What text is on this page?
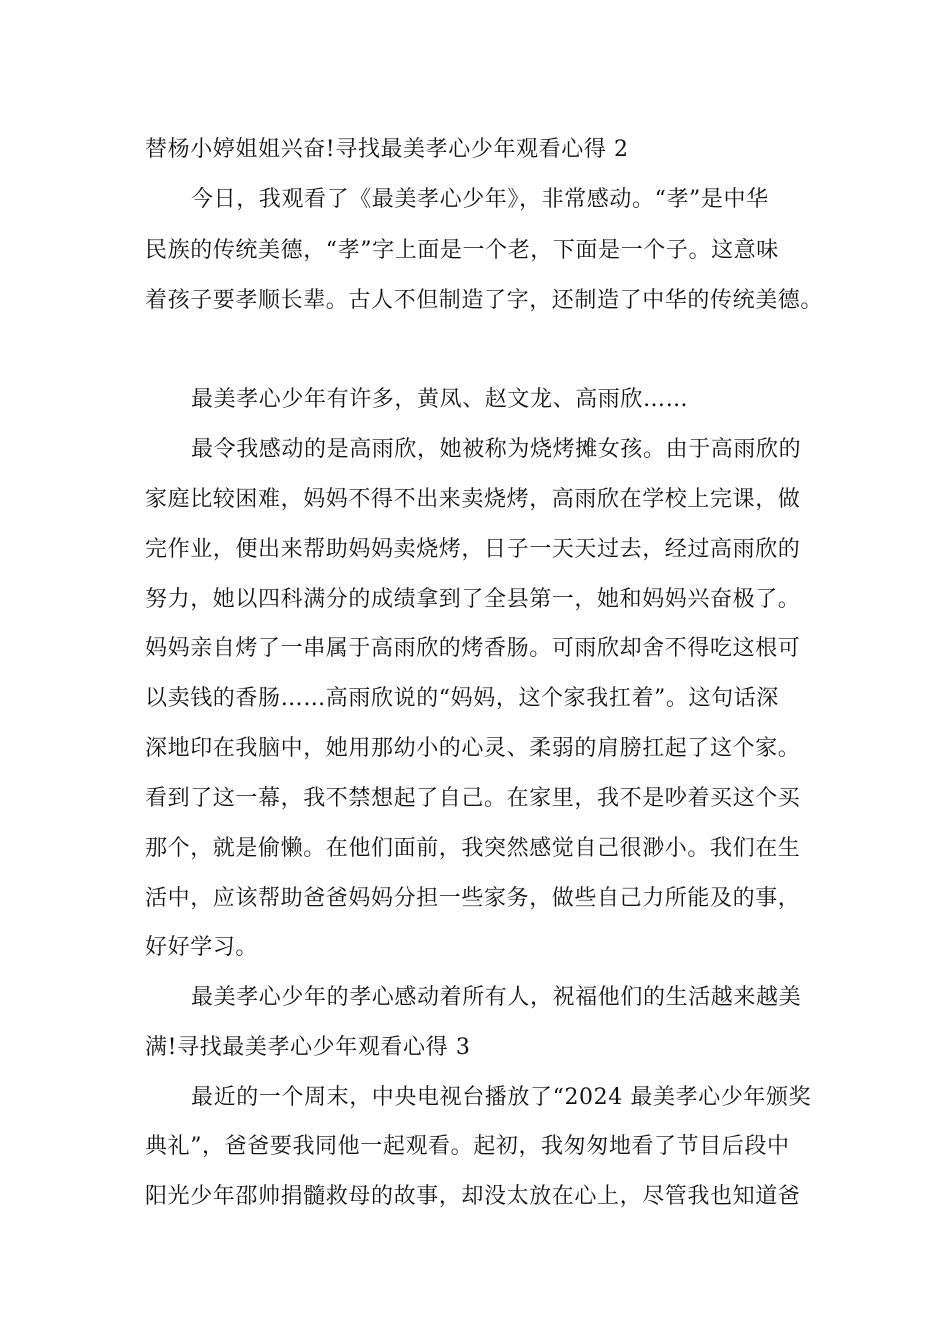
替杨小婷姐姐兴奋!寻找最美孝心少年观看心得 2
今日，我观看了《最美孝心少年》，非常感动。“孝”是中华
民族的传统美德，“孝”字上面是一个老，下面是一个子。这意味
着孩子要孝顺长辈。古人不但制造了字，还制造了中华的传统美德。
最美孝心少年有许多，黄凤、赵文龙、高雨欣……
最令我感动的是高雨欣，她被称为烧烤摊女孩。由于高雨欣的
家庭比较困难，妈妈不得不出来卖烧烤，高雨欣在学校上完课，做
完作业，便出来帮助妈妈卖烧烤，日子一天天过去，经过高雨欣的
努力，她以四科满分的成绩拿到了全县第一，她和妈妈兴奋极了。
妈妈亲自烤了一串属于高雨欣的烤香肠。可雨欣却舍不得吃这根可
以卖钱的香肠……高雨欣说的“妈妈，这个家我扛着”。这句话深
深地印在我脑中，她用那幼小的心灵、柔弱的肩膀扛起了这个家。
看到了这一幕，我不禁想起了自己。在家里，我不是吵着买这个买
那个，就是偷懒。在他们面前，我突然感觉自己很渺小。我们在生
活中，应该帮助爸爸妈妈分担一些家务，做些自己力所能及的事，
好好学习。
最美孝心少年的孝心感动着所有人，祝福他们的生活越来越美
满!寻找最美孝心少年观看心得 3
最近的一个周末，中央电视台播放了“2024 最美孝心少年颁奖
典礼”，爸爸要我同他一起观看。起初，我匆匆地看了节目后段中
阳光少年邵帅捐髓救母的故事，却没太放在心上，尽管我也知道爸
